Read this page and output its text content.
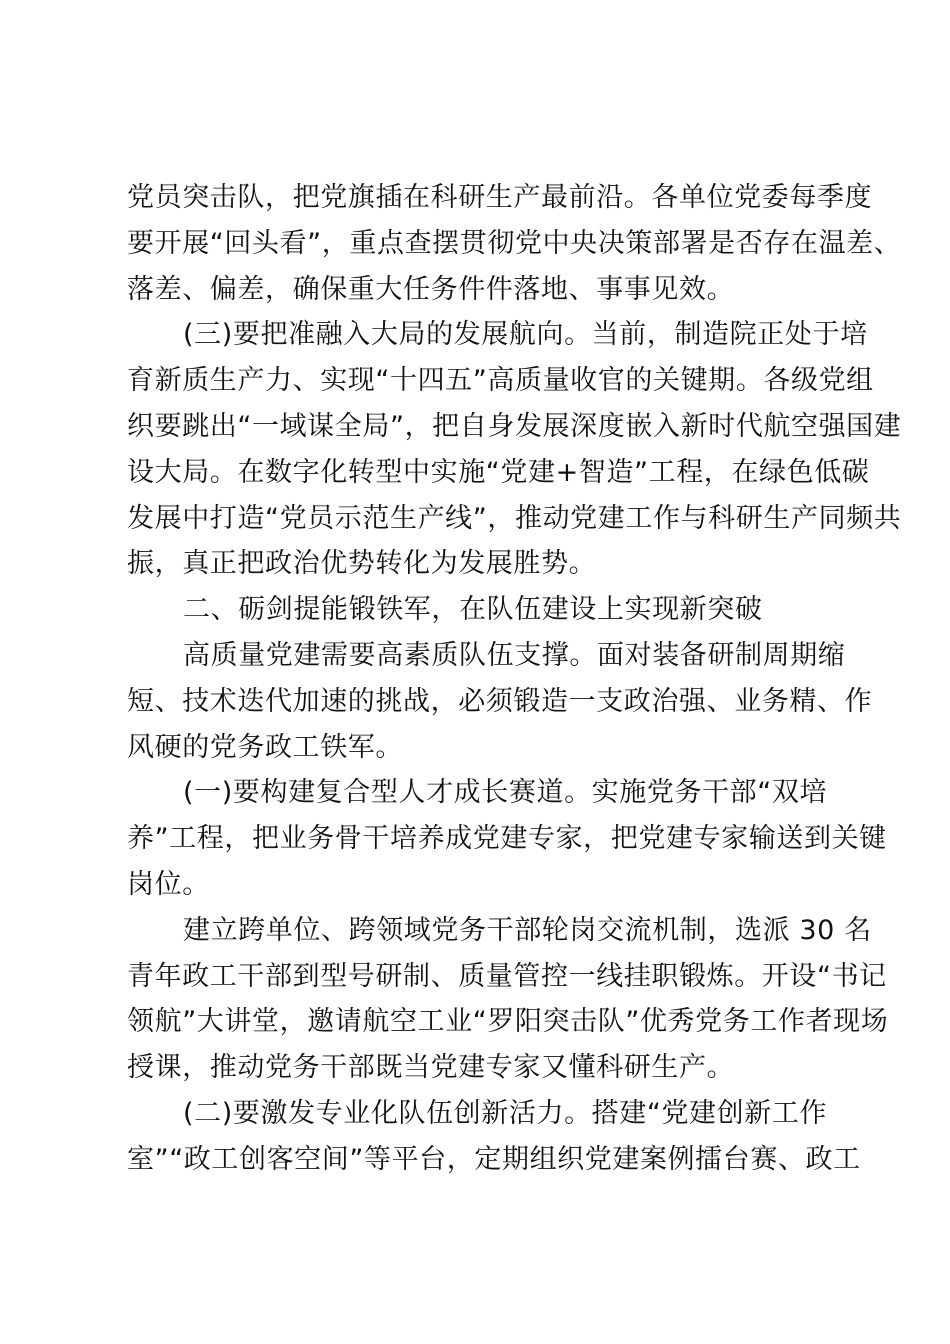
党员突击队，把党旗插在科研生产最前沿。各单位党委每季度
要开展“回头看”，重点查摆贯彻党中央决策部署是否存在温差、
落差、偏差，确保重大任务件件落地、事事见效。
(三)要把准融入大局的发展航向。当前，制造院正处于培
育新质生产力、实现“十四五”高质量收官的关键期。各级党组
织要跳出“一域谋全局”，把自身发展深度嵌入新时代航空强国建
设大局。在数字化转型中实施“党建+智造”工程，在绿色低碳
发展中打造“党员示范生产线”，推动党建工作与科研生产同频共
振，真正把政治优势转化为发展胜势。
二、砺剑提能锻铁军，在队伍建设上实现新突破
高质量党建需要高素质队伍支撑。面对装备研制周期缩
短、技术迭代加速的挑战，必须锻造一支政治强、业务精、作
风硬的党务政工铁军。
(一)要构建复合型人才成长赛道。实施党务干部“双培
养”工程，把业务骨干培养成党建专家，把党建专家输送到关键
岗位。
建立跨单位、跨领域党务干部轮岗交流机制，选派 30 名
青年政工干部到型号研制、质量管控一线挂职锻炼。开设“书记
领航”大讲堂，邀请航空工业“罗阳突击队”优秀党务工作者现场
授课，推动党务干部既当党建专家又懂科研生产。
(二)要激发专业化队伍创新活力。搭建“党建创新工作
室”“政工创客空间”等平台，定期组织党建案例擂台赛、政工
